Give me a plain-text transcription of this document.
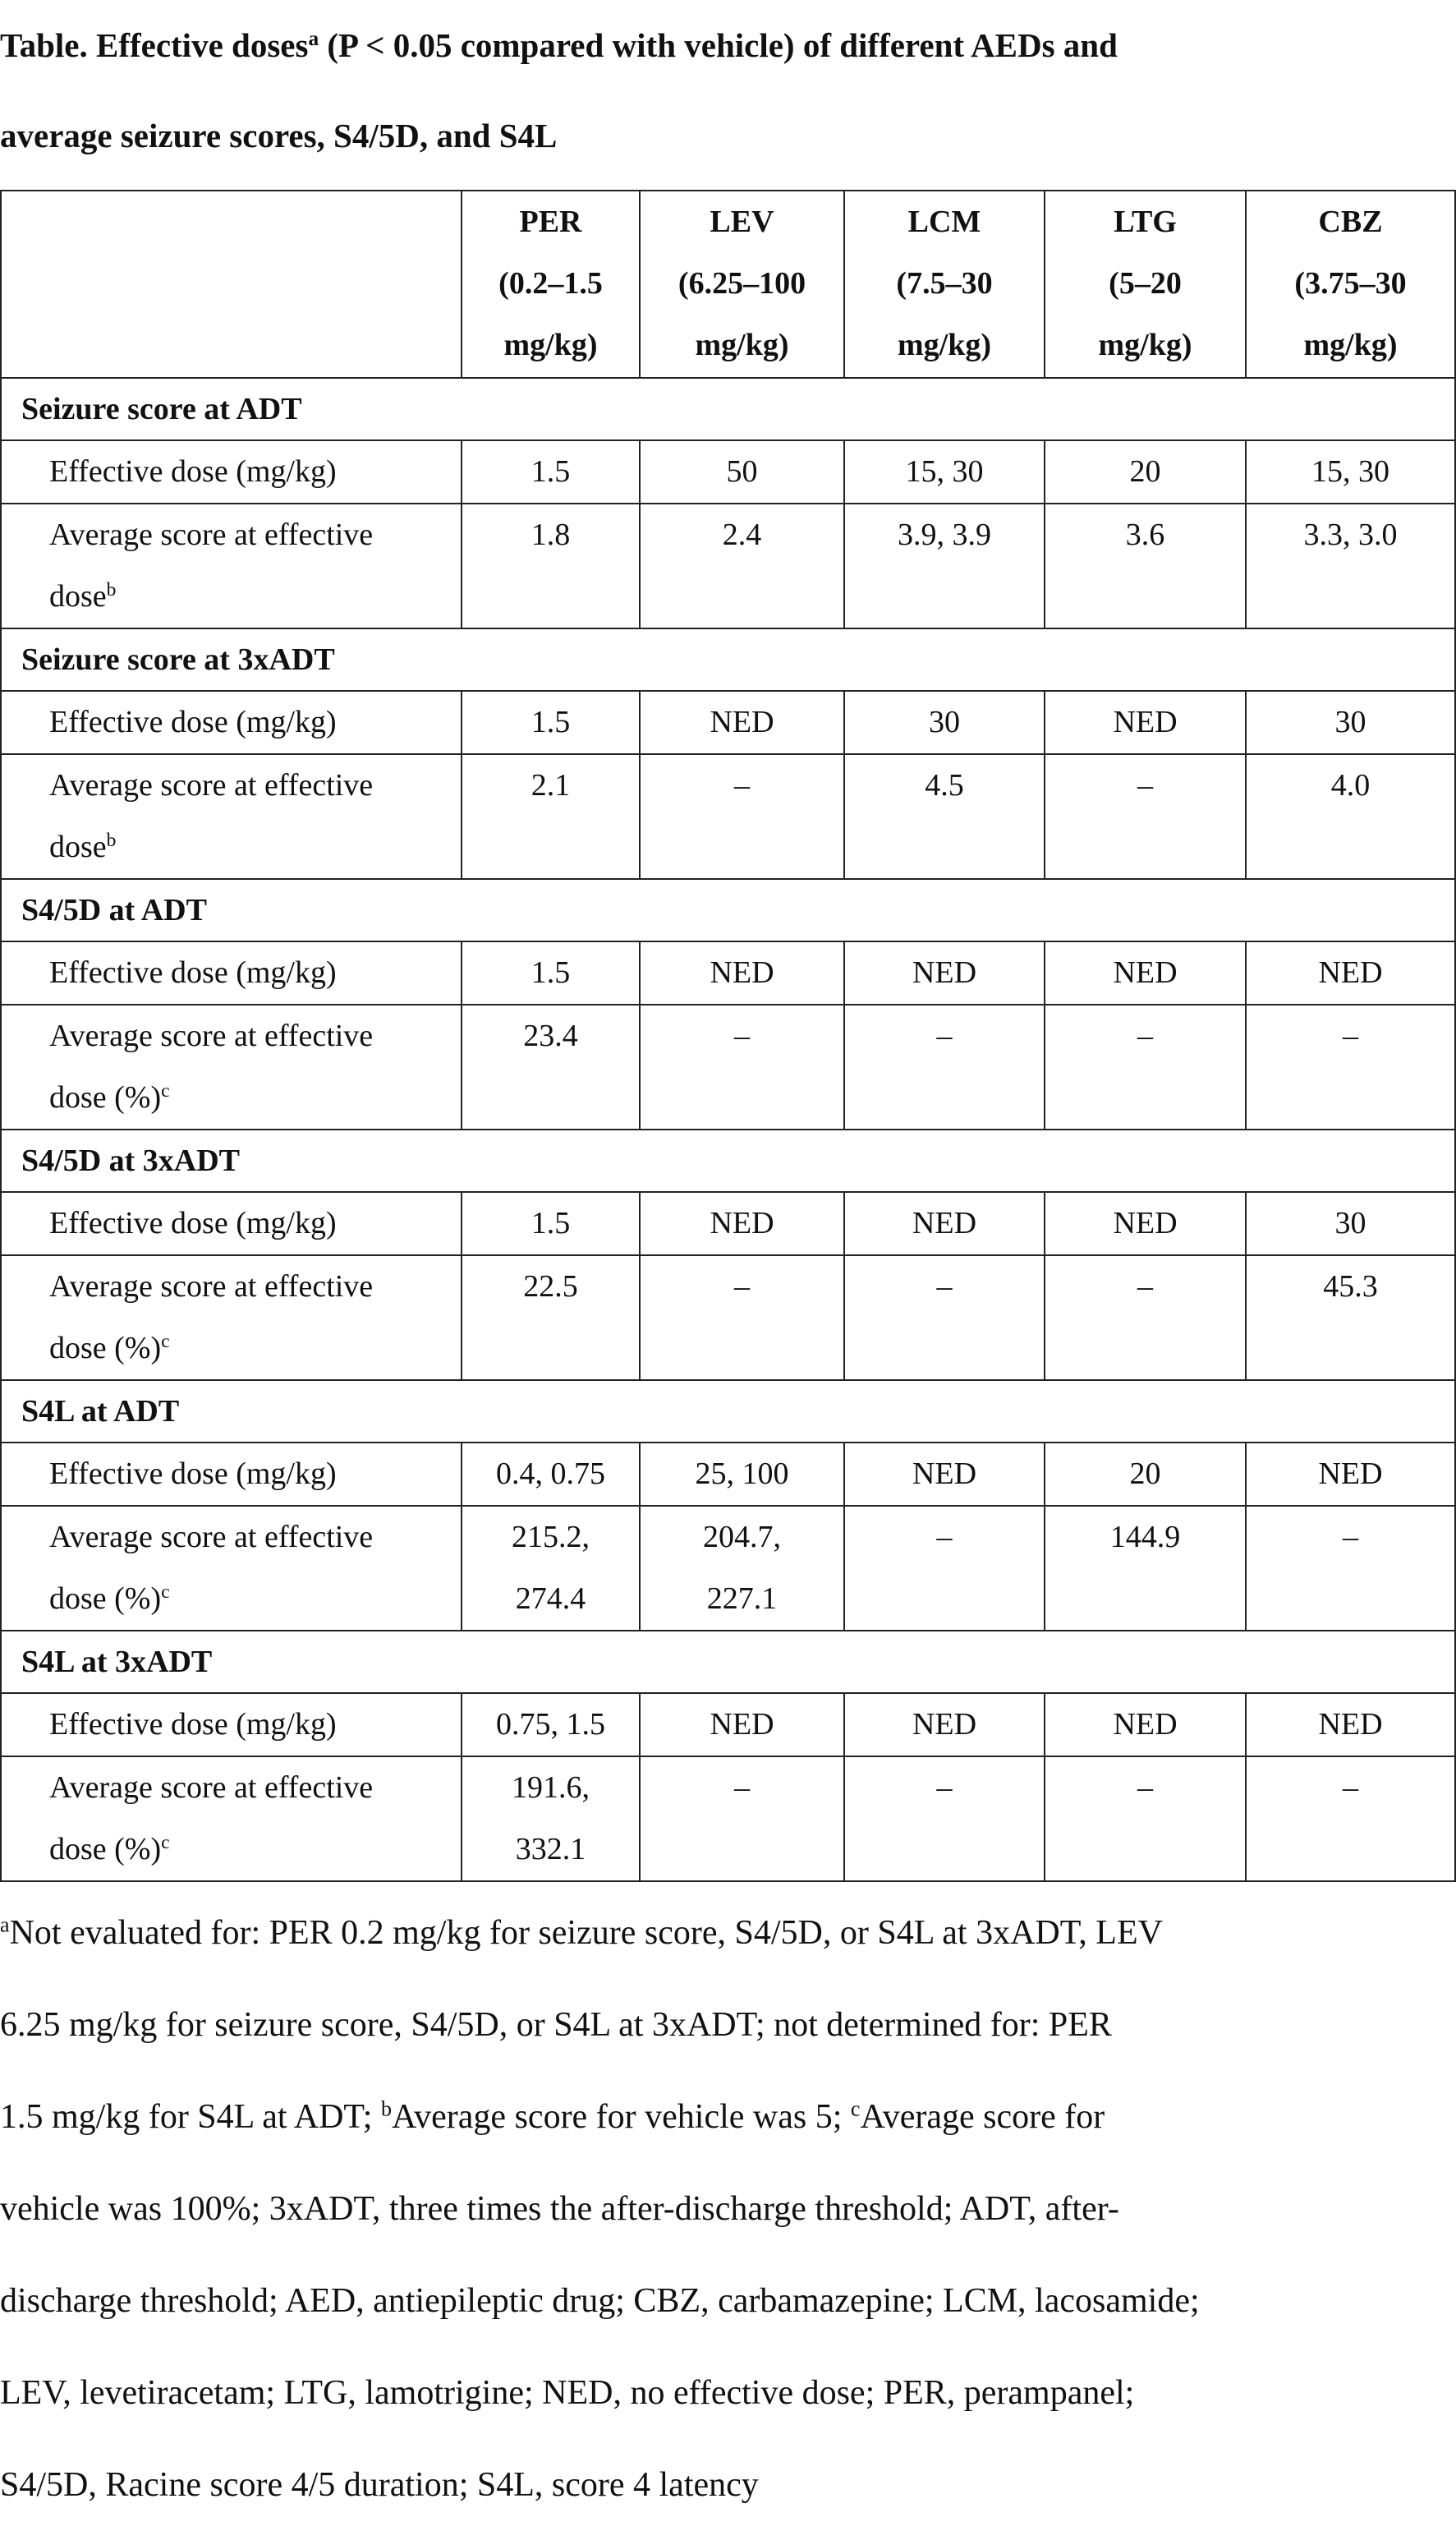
Table. Effective doses$^a$ (P < 0.05 compared with vehicle) of different AEDs and
average seizure scores, S4/5D, and S4L
	PER
(0.2–1.5
mg/kg)	LEV
(6.25–100
mg/kg)	LCM
(7.5–30
mg/kg)	LTG
(5–20
mg/kg)	CBZ
(3.75–30
mg/kg)
Seizure score at ADT					
Effective dose (mg/kg)	1.5	50	15, 30	20	15, 30
Average score at effective
dose$^b$	1.8	2.4	3.9, 3.9	3.6	3.3, 3.0

Seizure score at 3xADT					
Effective dose (mg/kg)	1.5	NED	30	NED	30
Average score at effective
dose$^b$	2.1	–	4.5	–	4.0

S4/5D at ADT					
Effective dose (mg/kg)	1.5	NED	NED	NED	NED
Average score at effective
dose (%)$^c$	23.4	–	–	–	–

S4/5D at 3xADT					
Effective dose (mg/kg)	1.5	NED	NED	NED	30
Average score at effective
dose (%)$^c$	22.5	–	–	–	45.3

S4L at ADT					
Effective dose (mg/kg)	0.4, 0.75	25, 100	NED	20	NED
Average score at effective
dose (%)$^c$	215.2,
274.4	204.7,
227.1	–	144.9	–

S4L at 3xADT					
Effective dose (mg/kg)	0.75, 1.5	NED	NED	NED	NED
Average score at effective
dose (%)$^c$	191.6,
332.1	–	–	–	–

$^a$Not evaluated for: PER 0.2 mg/kg for seizure score, S4/5D, or S4L at 3xADT, LEV
6.25 mg/kg for seizure score, S4/5D, or S4L at 3xADT; not determined for: PER
1.5 mg/kg for S4L at ADT; $^b$Average score for vehicle was 5; $^c$Average score for
vehicle was 100%; 3xADT, three times the after-discharge threshold; ADT, after-
discharge threshold; AED, antiepileptic drug; CBZ, carbamazepine; LCM, lacosamide;
LEV, levetiracetam; LTG, lamotrigine; NED, no effective dose; PER, perampanel;
S4/5D, Racine score 4/5 duration; S4L, score 4 latency
